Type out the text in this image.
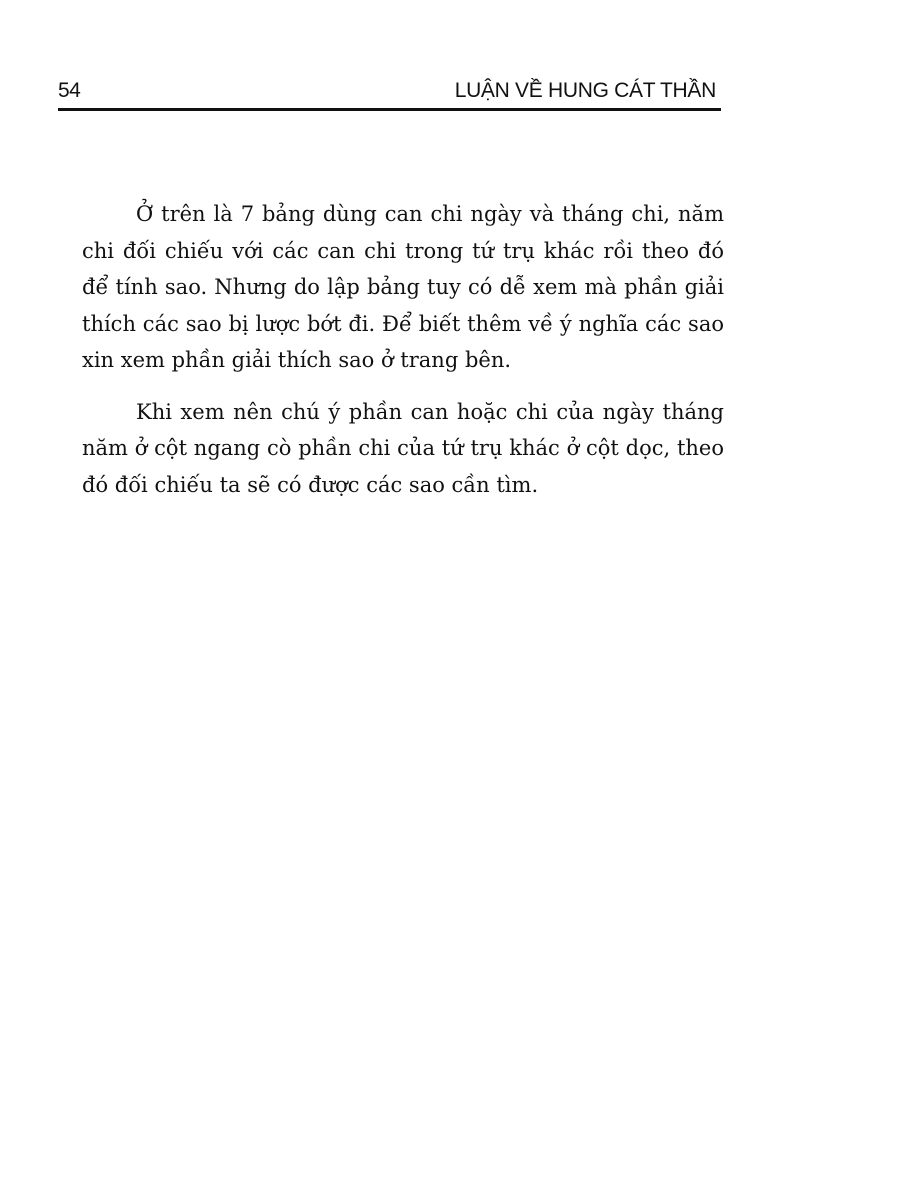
54	LUẬN VỀ HUNG CÁT THẦN

Ở trên là 7 bảng dùng can chi ngày và tháng chi, năm chi đối chiếu với các can chi trong tứ trụ khác rồi theo đó để tính sao. Nhưng do lập bảng tuy có dễ xem mà phần giải thích các sao bị lược bớt đi. Để biết thêm về ý nghĩa các sao xin xem phần giải thích sao ở trang bên.

Khi xem nên chú ý phần can hoặc chi của ngày tháng năm ở cột ngang cò phần chi của tứ trụ khác ở cột dọc, theo đó đối chiếu ta sẽ có được các sao cần tìm.
